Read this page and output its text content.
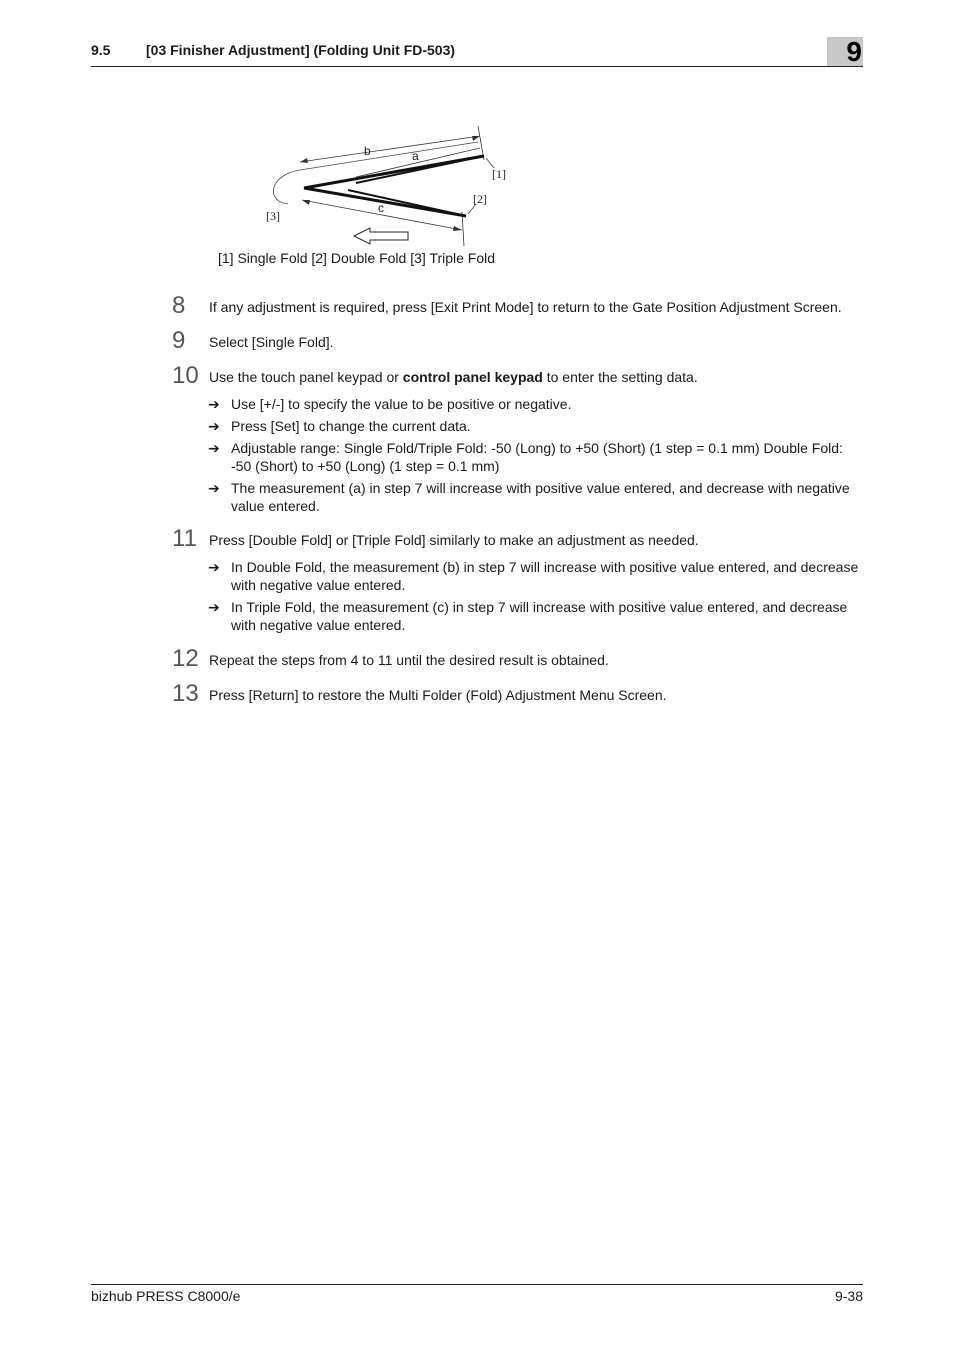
9.5	[03 Finisher Adjustment] (Folding Unit FD-503)	9
b	a
c
[1]
[2]
[3]
[1] Single Fold [2] Double Fold [3] Triple Fold
8 If any adjustment is required, press [Exit Print Mode] to return to the Gate Position Adjustment Screen.
9 Select [Single Fold].
10 Use the touch panel keypad or control panel keypad to enter the setting data.
➔ Use [+/-] to specify the value to be positive or negative.
➔ Press [Set] to change the current data.
➔ Adjustable range: Single Fold/Triple Fold: -50 (Long) to +50 (Short) (1 step = 0.1 mm) Double Fold: -50 (Short) to +50 (Long) (1 step = 0.1 mm)
➔ The measurement (a) in step 7 will increase with positive value entered, and decrease with negative value entered.
11 Press [Double Fold] or [Triple Fold] similarly to make an adjustment as needed.
➔ In Double Fold, the measurement (b) in step 7 will increase with positive value entered, and decrease with negative value entered.
➔ In Triple Fold, the measurement (c) in step 7 will increase with positive value entered, and decrease with negative value entered.
12 Repeat the steps from 4 to 11 until the desired result is obtained.
13 Press [Return] to restore the Multi Folder (Fold) Adjustment Menu Screen.
bizhub PRESS C8000/e	9-38
